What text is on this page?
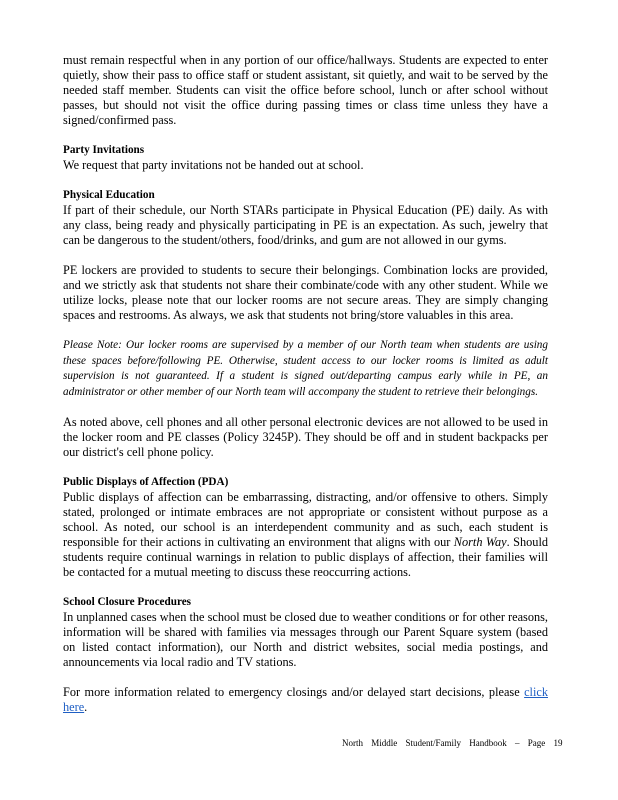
must remain respectful when in any portion of our office/hallways. Students are expected to enter quietly, show their pass to office staff or student assistant, sit quietly, and wait to be served by the needed staff member. Students can visit the office before school, lunch or after school without passes, but should not visit the office during passing times or class time unless they have a signed/confirmed pass.

Party Invitations

We request that party invitations not be handed out at school.

Physical Education

If part of their schedule, our North STARs participate in Physical Education (PE) daily. As with any class, being ready and physically participating in PE is an expectation. As such, jewelry that can be dangerous to the student/others, food/drinks, and gum are not allowed in our gyms.

PE lockers are provided to students to secure their belongings. Combination locks are provided, and we strictly ask that students not share their combinate/code with any other student. While we utilize locks, please note that our locker rooms are not secure areas. They are simply changing spaces and restrooms. As always, we ask that students not bring/store valuables in this area.

Please Note: Our locker rooms are supervised by a member of our North team when students are using these spaces before/following PE. Otherwise, student access to our locker rooms is limited as adult supervision is not guaranteed. If a student is signed out/departing campus early while in PE, an administrator or other member of our North team will accompany the student to retrieve their belongings.

As noted above, cell phones and all other personal electronic devices are not allowed to be used in the locker room and PE classes (Policy 3245P). They should be off and in student backpacks per our district's cell phone policy.

Public Displays of Affection (PDA)

Public displays of affection can be embarrassing, distracting, and/or offensive to others. Simply stated, prolonged or intimate embraces are not appropriate or consistent without purpose as a school. As noted, our school is an interdependent community and as such, each student is responsible for their actions in cultivating an environment that aligns with our North Way. Should students require continual warnings in relation to public displays of affection, their families will be contacted for a mutual meeting to discuss these reoccurring actions.

School Closure Procedures

In unplanned cases when the school must be closed due to weather conditions or for other reasons, information will be shared with families via messages through our Parent Square system (based on listed contact information), our North and district websites, social media postings, and announcements via local radio and TV stations.

For more information related to emergency closings and/or delayed start decisions, please click here.

North Middle Student/Family Handbook – Page 19
